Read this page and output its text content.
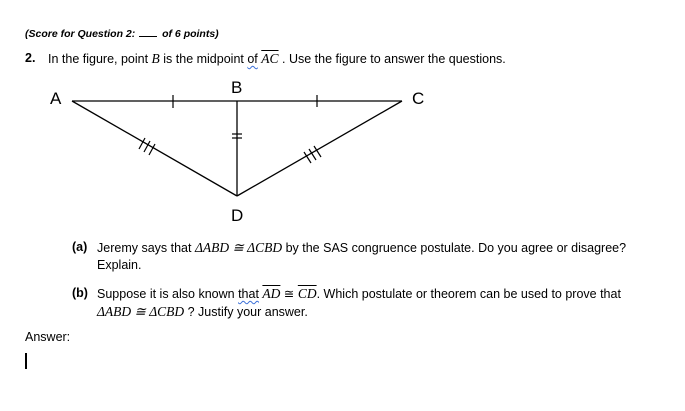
(Score for Question 2:  of 6 points)
2. In the figure, point B is the midpoint of $\overline{AC}$ . Use the figure to answer the questions.
A
B
C
D
(a) Jeremy says that ΔABD ≅ ΔCBD by the SAS congruence postulate. Do you agree or disagree?
Explain.
(b) Suppose it is also known that $\overline{AD}$ ≅ $\overline{CD}$. Which postulate or theorem can be used to prove that
ΔABD ≅ ΔCBD ? Justify your answer.
Answer:
